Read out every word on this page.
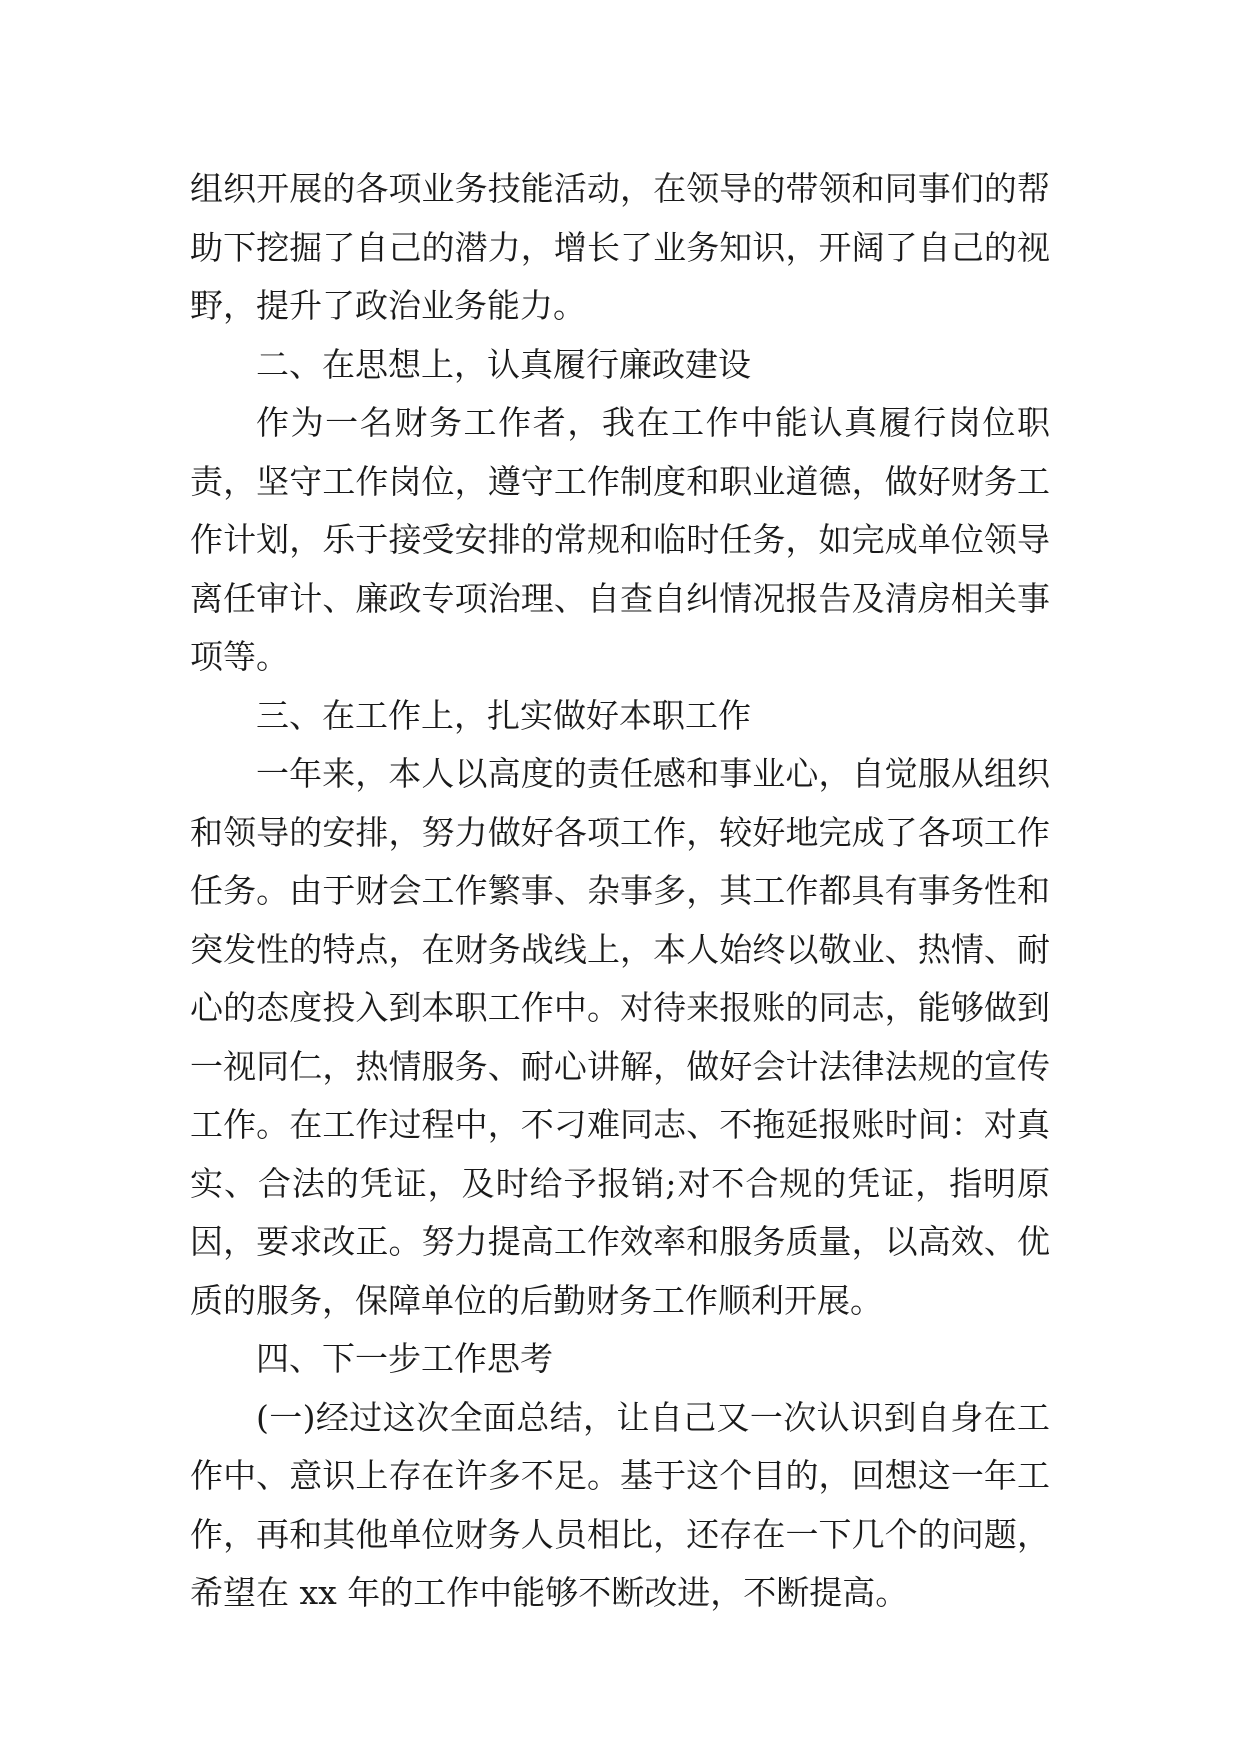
组织开展的各项业务技能活动，在领导的带领和同事们的帮助下挖掘了自己的潜力，增长了业务知识，开阔了自己的视野，提升了政治业务能力。

二、在思想上，认真履行廉政建设

作为一名财务工作者，我在工作中能认真履行岗位职责，坚守工作岗位，遵守工作制度和职业道德，做好财务工作计划，乐于接受安排的常规和临时任务，如完成单位领导离任审计、廉政专项治理、自查自纠情况报告及清房相关事项等。

三、在工作上，扎实做好本职工作

一年来，本人以高度的责任感和事业心，自觉服从组织和领导的安排，努力做好各项工作，较好地完成了各项工作任务。由于财会工作繁事、杂事多，其工作都具有事务性和突发性的特点，在财务战线上，本人始终以敬业、热情、耐心的态度投入到本职工作中。对待来报账的同志，能够做到一视同仁，热情服务、耐心讲解，做好会计法律法规的宣传工作。在工作过程中，不刁难同志、不拖延报账时间：对真实、合法的凭证，及时给予报销;对不合规的凭证，指明原因，要求改正。努力提高工作效率和服务质量，以高效、优质的服务，保障单位的后勤财务工作顺利开展。

四、下一步工作思考

(一)经过这次全面总结，让自己又一次认识到自身在工作中、意识上存在许多不足。基于这个目的，回想这一年工作，再和其他单位财务人员相比，还存在一下几个的问题，希望在 xx 年的工作中能够不断改进，不断提高。
